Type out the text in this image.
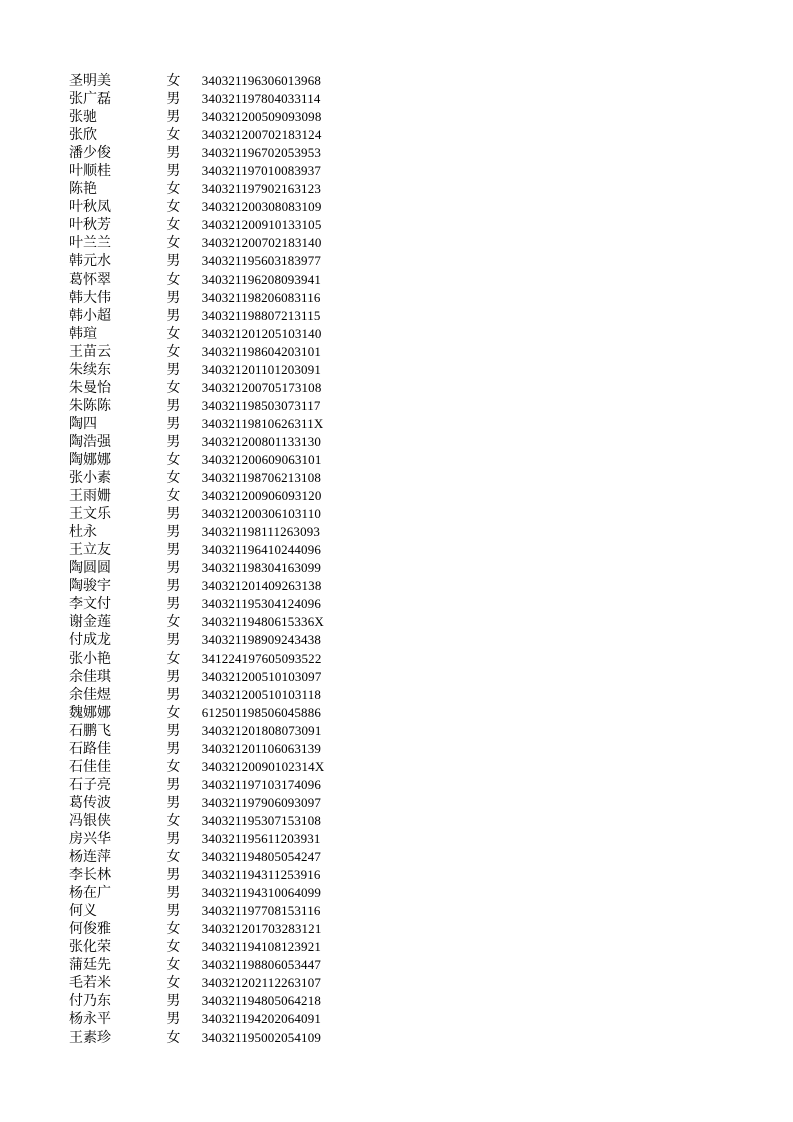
圣明美	女	340321196306013968
张广磊	男	340321197804033114
张驰	男	340321200509093098
张欣	女	340321200702183124
潘少俊	男	340321196702053953
叶顺桂	男	340321197010083937
陈艳	女	340321197902163123
叶秋凤	女	340321200308083109
叶秋芳	女	340321200910133105
叶兰兰	女	340321200702183140
韩元水	男	340321195603183977
葛怀翠	女	340321196208093941
韩大伟	男	340321198206083116
韩小超	男	340321198807213115
韩瑄	女	340321201205103140
王苗云	女	340321198604203101
朱续东	男	340321201101203091
朱曼怡	女	340321200705173108
朱陈陈	男	340321198503073117
陶四	男	34032119810626311X
陶浩强	男	340321200801133130
陶娜娜	女	340321200609063101
张小素	女	340321198706213108
王雨姗	女	340321200906093120
王文乐	男	340321200306103110
杜永	男	340321198111263093
王立友	男	340321196410244096
陶圆圆	男	340321198304163099
陶骏宇	男	340321201409263138
李文付	男	340321195304124096
谢金莲	女	34032119480615336X
付成龙	男	340321198909243438
张小艳	女	341224197605093522
余佳琪	男	340321200510103097
余佳煜	男	340321200510103118
魏娜娜	女	612501198506045886
石鹏飞	男	340321201808073091
石路佳	男	340321201106063139
石佳佳	女	34032120090102314X
石子亮	男	340321197103174096
葛传波	男	340321197906093097
冯银侠	女	340321195307153108
房兴华	男	340321195611203931
杨连萍	女	340321194805054247
李长林	男	340321194311253916
杨在广	男	340321194310064099
何义	男	340321197708153116
何俊雅	女	340321201703283121
张化荣	女	340321194108123921
蒲廷先	女	340321198806053447
毛若米	女	340321202112263107
付乃东	男	340321194805064218
杨永平	男	340321194202064091
王素珍	女	340321195002054109
